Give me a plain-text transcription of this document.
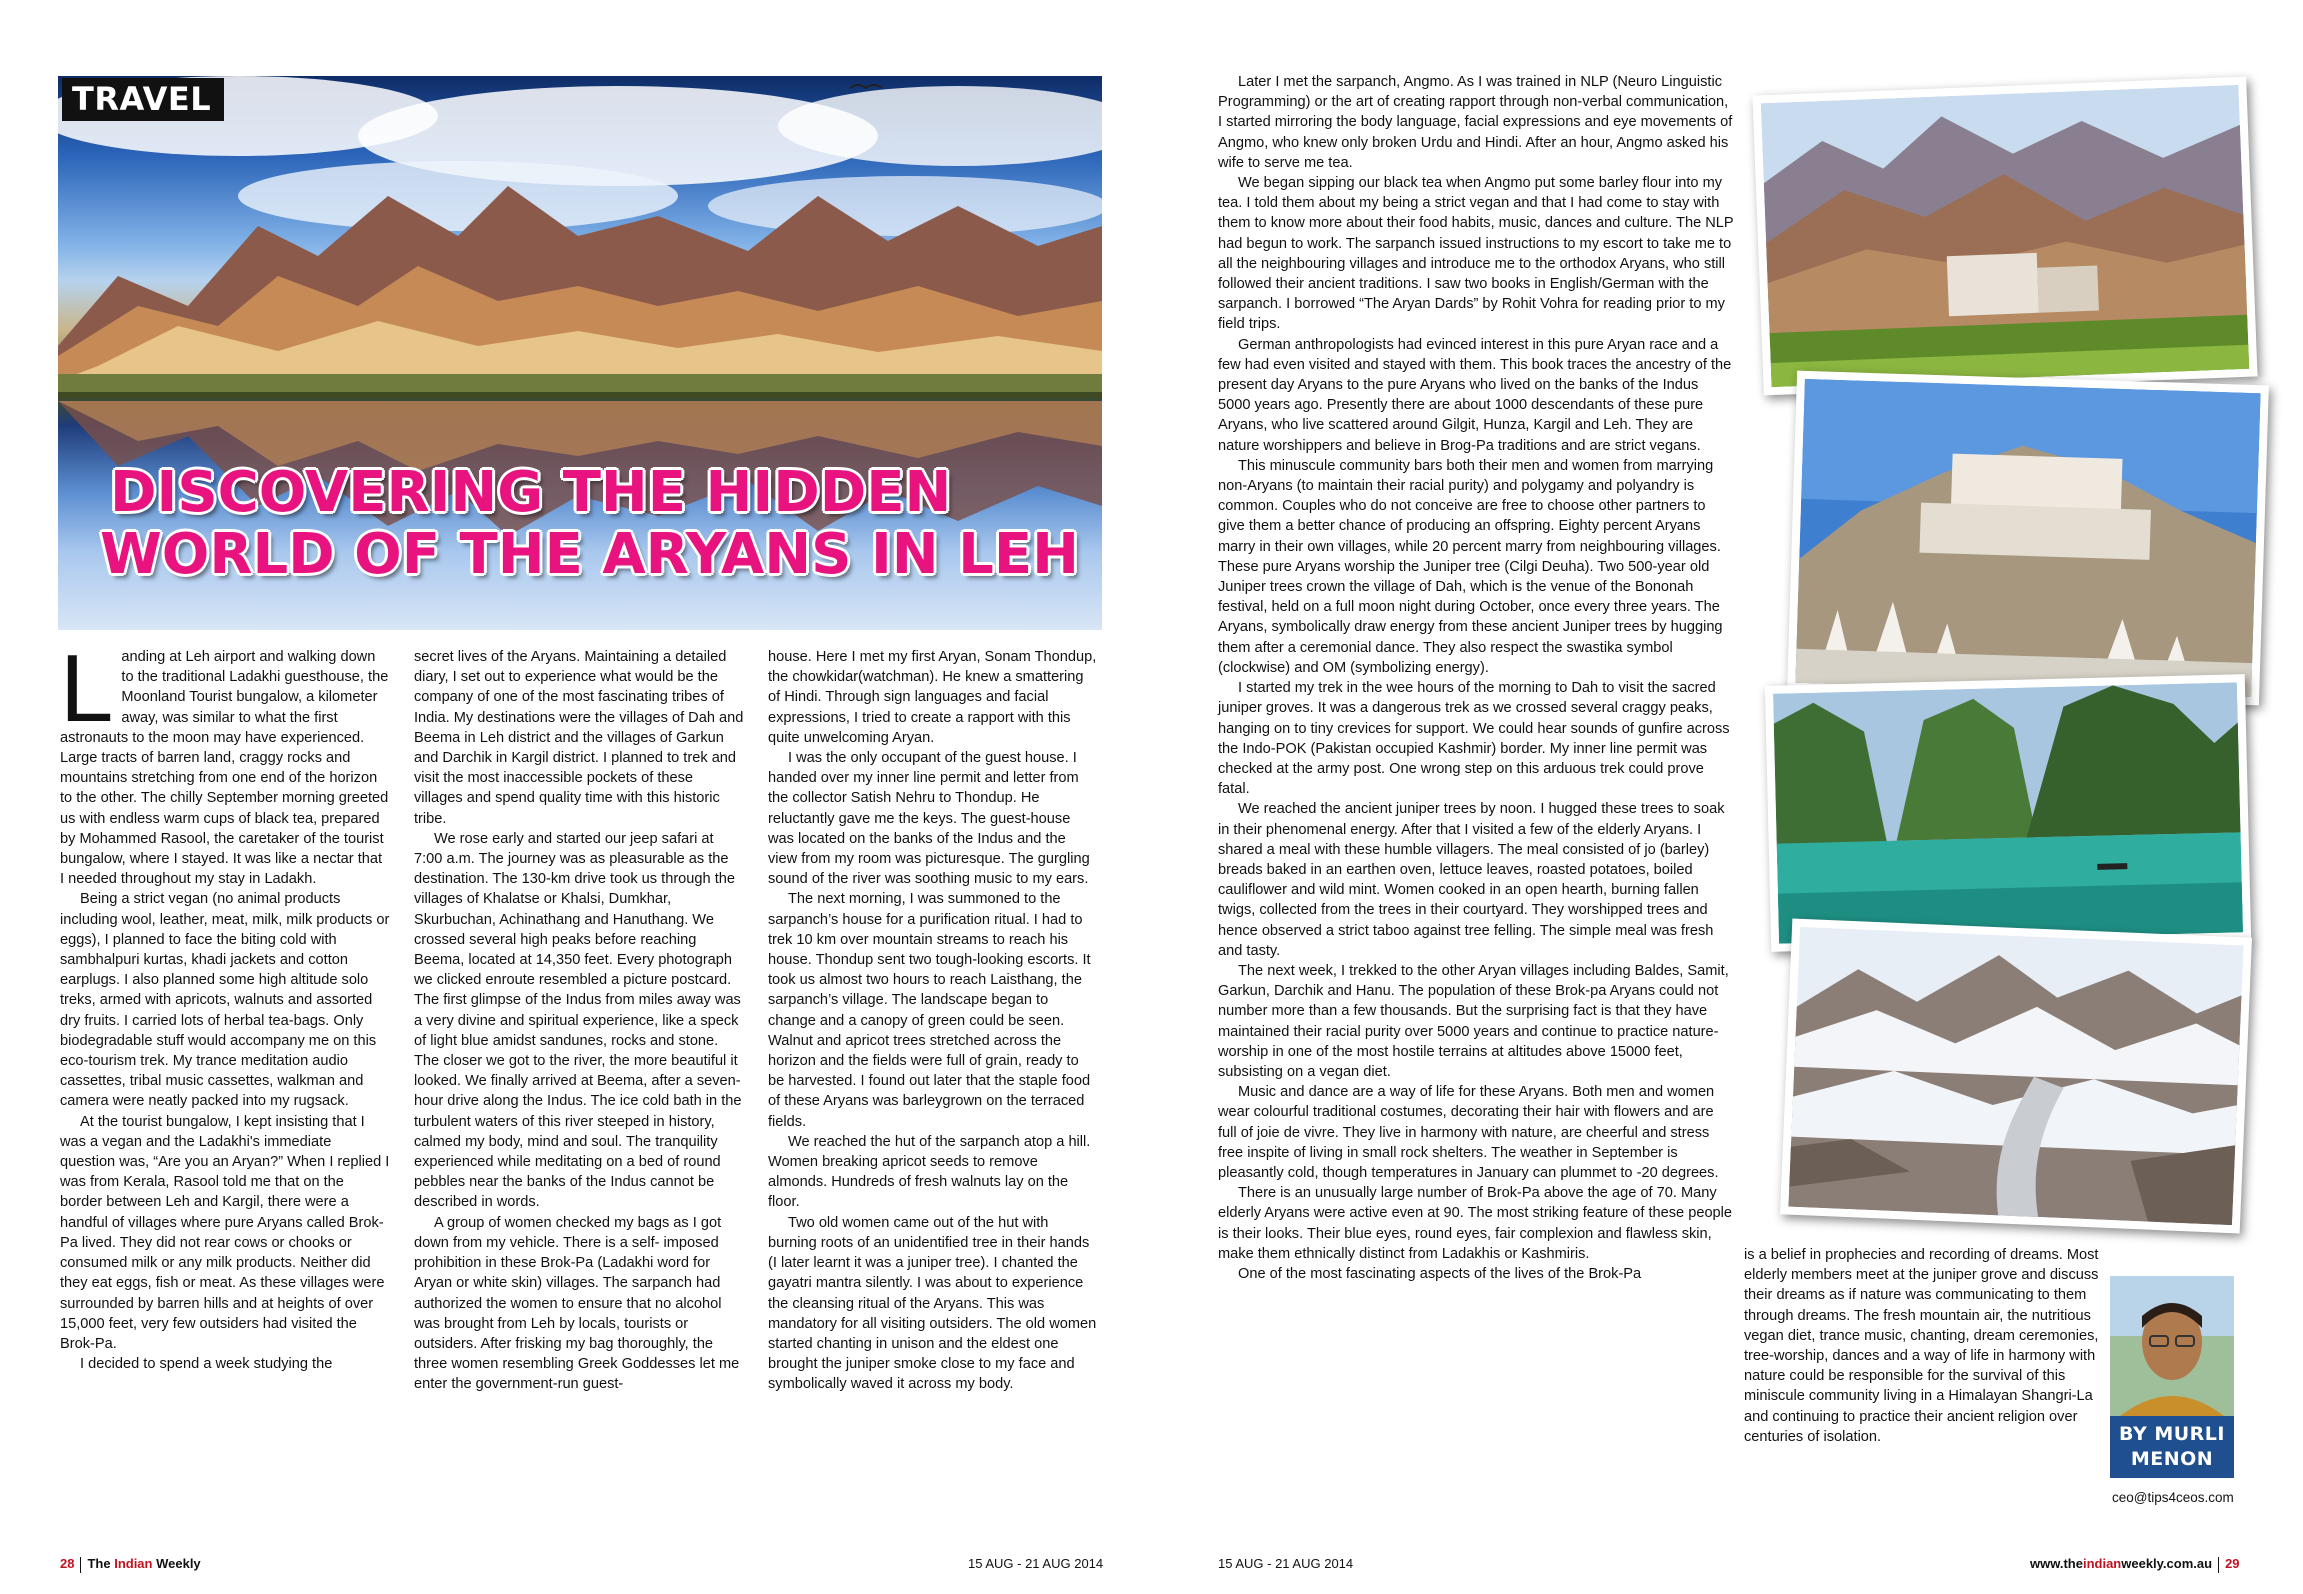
TRAVEL
DISCOVERING THE HIDDEN
WORLD OF THE ARYANS IN LEH

Landing at Leh airport and walking down to the traditional Ladakhi guesthouse, the Moonland Tourist bungalow, a kilometer away, was similar to what the first astronauts to the moon may have experienced. Large tracts of barren land, craggy rocks and mountains stretching from one end of the horizon to the other. The chilly September morning greeted us with endless warm cups of black tea, prepared by Mohammed Rasool, the caretaker of the tourist bungalow, where I stayed. It was like a nectar that I needed throughout my stay in Ladakh.

Being a strict vegan (no animal products including wool, leather, meat, milk, milk products or eggs), I planned to face the biting cold with sambhalpuri kurtas, khadi jackets and cotton earplugs. I also planned some high altitude solo treks, armed with apricots, walnuts and assorted dry fruits. I carried lots of herbal tea-bags. Only biodegradable stuff would accompany me on this eco-tourism trek. My trance meditation audio cassettes, tribal music cassettes, walkman and camera were neatly packed into my rugsack.

At the tourist bungalow, I kept insisting that I was a vegan and the Ladakhi's immediate question was, “Are you an Aryan?” When I replied I was from Kerala, Rasool told me that on the border between Leh and Kargil, there were a handful of villages where pure Aryans called Brok-Pa lived. They did not rear cows or chooks or consumed milk or any milk products. Neither did they eat eggs, fish or meat. As these villages were surrounded by barren hills and at heights of over 15,000 feet, very few outsiders had visited the Brok-Pa.

I decided to spend a week studying the

secret lives of the Aryans. Maintaining a detailed diary, I set out to experience what would be the company of one of the most fascinating tribes of India. My destinations were the villages of Dah and Beema in Leh district and the villages of Garkun and Darchik in Kargil district. I planned to trek and visit the most inaccessible pockets of these villages and spend quality time with this historic tribe.

We rose early and started our jeep safari at 7:00 a.m. The journey was as pleasurable as the destination. The 130-km drive took us through the villages of Khalatse or Khalsi, Dumkhar, Skurbuchan, Achinathang and Hanuthang. We crossed several high peaks before reaching Beema, located at 14,350 feet. Every photograph we clicked enroute resembled a picture postcard. The first glimpse of the Indus from miles away was a very divine and spiritual experience, like a speck of light blue amidst sandunes, rocks and stone. The closer we got to the river, the more beautiful it looked. We finally arrived at Beema, after a seven-hour drive along the Indus. The ice cold bath in the turbulent waters of this river steeped in history, calmed my body, mind and soul. The tranquility experienced while meditating on a bed of round pebbles near the banks of the Indus cannot be described in words.

A group of women checked my bags as I got down from my vehicle. There is a self- imposed prohibition in these Brok-Pa (Ladakhi word for Aryan or white skin) villages. The sarpanch had authorized the women to ensure that no alcohol was brought from Leh by locals, tourists or outsiders. After frisking my bag thoroughly, the three women resembling Greek Goddesses let me enter the government-run guest-

house. Here I met my first Aryan, Sonam Thondup, the chowkidar(watchman). He knew a smattering of Hindi. Through sign languages and facial expressions, I tried to create a rapport with this quite unwelcoming Aryan.

I was the only occupant of the guest house. I handed over my inner line permit and letter from the collector Satish Nehru to Thondup. He reluctantly gave me the keys. The guest-house was located on the banks of the Indus and the view from my room was picturesque. The gurgling sound of the river was soothing music to my ears.

The next morning, I was summoned to the sarpanch’s house for a purification ritual. I had to trek 10 km over mountain streams to reach his house. Thondup sent two tough-looking escorts. It took us almost two hours to reach Laisthang, the sarpanch’s village. The landscape began to change and a canopy of green could be seen. Walnut and apricot trees stretched across the horizon and the fields were full of grain, ready to be harvested. I found out later that the staple food of these Aryans was barleygrown on the terraced fields.

We reached the hut of the sarpanch atop a hill. Women breaking apricot seeds to remove almonds. Hundreds of fresh walnuts lay on the floor.

Two old women came out of the hut with burning roots of an unidentified tree in their hands (I later learnt it was a juniper tree). I chanted the gayatri mantra silently. I was about to experience the cleansing ritual of the Aryans. This was mandatory for all visiting outsiders. The old women started chanting in unison and the eldest one brought the juniper smoke close to my face and symbolically waved it across my body.

28 The Indian Weekly	15 AUG - 21 AUG 2014

Later I met the sarpanch, Angmo. As I was trained in NLP (Neuro Linguistic Programming) or the art of creating rapport through non-verbal communication, I started mirroring the body language, facial expressions and eye movements of Angmo, who knew only broken Urdu and Hindi. After an hour, Angmo asked his wife to serve me tea.

We began sipping our black tea when Angmo put some barley flour into my tea. I told them about my being a strict vegan and that I had come to stay with them to know more about their food habits, music, dances and culture. The NLP had begun to work. The sarpanch issued instructions to my escort to take me to all the neighbouring villages and introduce me to the orthodox Aryans, who still followed their ancient traditions. I saw two books in English/German with the sarpanch. I borrowed “The Aryan Dards” by Rohit Vohra for reading prior to my field trips.

German anthropologists had evinced interest in this pure Aryan race and a few had even visited and stayed with them. This book traces the ancestry of the present day Aryans to the pure Aryans who lived on the banks of the Indus 5000 years ago. Presently there are about 1000 descendants of these pure Aryans, who live scattered around Gilgit, Hunza, Kargil and Leh. They are nature worshippers and believe in Brog-Pa traditions and are strict vegans.

This minuscule community bars both their men and women from marrying non-Aryans (to maintain their racial purity) and polygamy and polyandry is common. Couples who do not conceive are free to choose other partners to give them a better chance of producing an offspring. Eighty percent Aryans marry in their own villages, while 20 percent marry from neighbouring villages. These pure Aryans worship the Juniper tree (Cilgi Deuha). Two 500-year old Juniper trees crown the village of Dah, which is the venue of the Bononah festival, held on a full moon night during October, once every three years. The Aryans, symbolically draw energy from these ancient Juniper trees by hugging them after a ceremonial dance. They also respect the swastika symbol (clockwise) and OM (symbolizing energy).

I started my trek in the wee hours of the morning to Dah to visit the sacred juniper groves. It was a dangerous trek as we crossed several craggy peaks, hanging on to tiny crevices for support. We could hear sounds of gunfire across the Indo-POK (Pakistan occupied Kashmir) border. My inner line permit was checked at the army post. One wrong step on this arduous trek could prove fatal.

We reached the ancient juniper trees by noon. I hugged these trees to soak in their phenomenal energy. After that I visited a few of the elderly Aryans. I shared a meal with these humble villagers. The meal consisted of jo (barley) breads baked in an earthen oven, lettuce leaves, roasted potatoes, boiled cauliflower and wild mint. Women cooked in an open hearth, burning fallen twigs, collected from the trees in their courtyard. They worshipped trees and hence observed a strict taboo against tree felling. The simple meal was fresh and tasty.

The next week, I trekked to the other Aryan villages including Baldes, Samit, Garkun, Darchik and Hanu. The population of these Brok-pa Aryans could not number more than a few thousands. But the surprising fact is that they have maintained their racial purity over 5000 years and continue to practice nature-worship in one of the most hostile terrains at altitudes above 15000 feet, subsisting on a vegan diet.

Music and dance are a way of life for these Aryans. Both men and women wear colourful traditional costumes, decorating their hair with flowers and are full of joie de vivre. They live in harmony with nature, are cheerful and stress free inspite of living in small rock shelters. The weather in September is pleasantly cold, though temperatures in January can plummet to -20 degrees.

There is an unusually large number of Brok-Pa above the age of 70. Many elderly Aryans were active even at 90. The most striking feature of these people is their looks. Their blue eyes, round eyes, fair complexion and flawless skin, make them ethnically distinct from Ladakhis or Kashmiris.

One of the most fascinating aspects of the lives of the Brok-Pa

is a belief in prophecies and recording of dreams. Most elderly members meet at the juniper grove and discuss their dreams as if nature was communicating to them through dreams. The fresh mountain air, the nutritious vegan diet, trance music, chanting, dream ceremonies, tree-worship, dances and a way of life in harmony with nature could be responsible for the survival of this miniscule community living in a Himalayan Shangri-La and continuing to practice their ancient religion over centuries of isolation.	BY MURLI
MENON
ceo@tips4ceos.com
15 AUG - 21 AUG 2014	www.theindianweekly.com.au 29
